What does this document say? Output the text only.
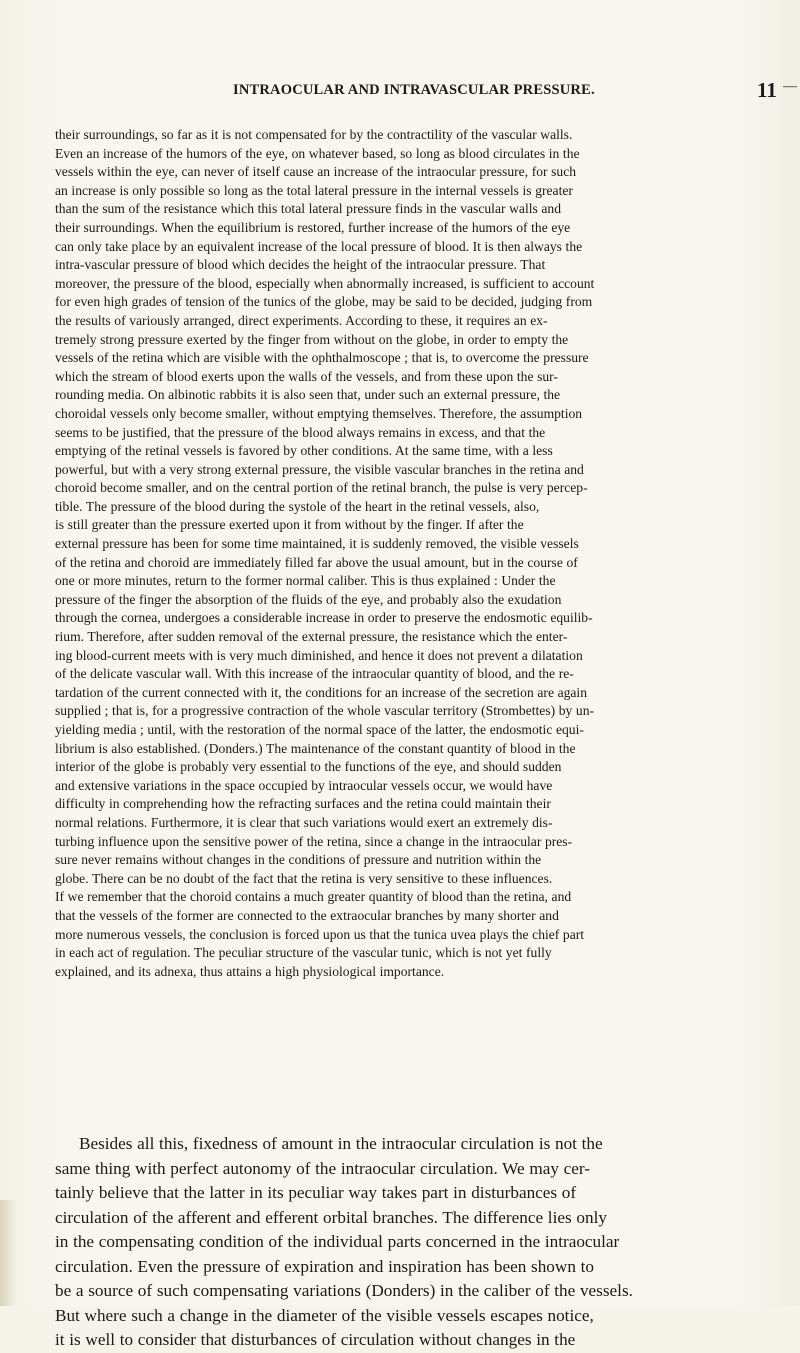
INTRAOCULAR AND INTRAVASCULAR PRESSURE.	11 —
their surroundings, so far as it is not compensated for by the contractility of the vascular walls.
Even an increase of the humors of the eye, on whatever based, so long as blood circulates in the
vessels within the eye, can never of itself cause an increase of the intraocular pressure, for such
an increase is only possible so long as the total lateral pressure in the internal vessels is greater
than the sum of the resistance which this total lateral pressure finds in the vascular walls and
their surroundings. When the equilibrium is restored, further increase of the humors of the eye
can only take place by an equivalent increase of the local pressure of blood. It is then always the
intra-vascular pressure of blood which decides the height of the intraocular pressure. That
moreover, the pressure of the blood, especially when abnormally increased, is sufficient to account
for even high grades of tension of the tunics of the globe, may be said to be decided, judging from
the results of variously arranged, direct experiments. According to these, it requires an ex-
tremely strong pressure exerted by the finger from without on the globe, in order to empty the
vessels of the retina which are visible with the ophthalmoscope ; that is, to overcome the pressure
which the stream of blood exerts upon the walls of the vessels, and from these upon the sur-
rounding media. On albinotic rabbits it is also seen that, under such an external pressure, the
choroidal vessels only become smaller, without emptying themselves. Therefore, the assumption
seems to be justified, that the pressure of the blood always remains in excess, and that the
emptying of the retinal vessels is favored by other conditions. At the same time, with a less
powerful, but with a very strong external pressure, the visible vascular branches in the retina and
choroid become smaller, and on the central portion of the retinal branch, the pulse is very percep-
tible. The pressure of the blood during the systole of the heart in the retinal vessels, also,
is still greater than the pressure exerted upon it from without by the finger. If after the
external pressure has been for some time maintained, it is suddenly removed, the visible vessels
of the retina and choroid are immediately filled far above the usual amount, but in the course of
one or more minutes, return to the former normal caliber. This is thus explained : Under the
pressure of the finger the absorption of the fluids of the eye, and probably also the exudation
through the cornea, undergoes a considerable increase in order to preserve the endosmotic equilib-
rium. Therefore, after sudden removal of the external pressure, the resistance which the enter-
ing blood-current meets with is very much diminished, and hence it does not prevent a dilatation
of the delicate vascular wall. With this increase of the intraocular quantity of blood, and the re-
tardation of the current connected with it, the conditions for an increase of the secretion are again
supplied ; that is, for a progressive contraction of the whole vascular territory (Strombettes) by un-
yielding media ; until, with the restoration of the normal space of the latter, the endosmotic equi-
librium is also established. (Donders.) The maintenance of the constant quantity of blood in the
interior of the globe is probably very essential to the functions of the eye, and should sudden
and extensive variations in the space occupied by intraocular vessels occur, we would have
difficulty in comprehending how the refracting surfaces and the retina could maintain their
normal relations. Furthermore, it is clear that such variations would exert an extremely dis-
turbing influence upon the sensitive power of the retina, since a change in the intraocular pres-
sure never remains without changes in the conditions of pressure and nutrition within the
globe. There can be no doubt of the fact that the retina is very sensitive to these influences.
If we remember that the choroid contains a much greater quantity of blood than the retina, and
that the vessels of the former are connected to the extraocular branches by many shorter and
more numerous vessels, the conclusion is forced upon us that the tunica uvea plays the chief part
in each act of regulation. The peculiar structure of the vascular tunic, which is not yet fully
explained, and its adnexa, thus attains a high physiological importance.
Besides all this, fixedness of amount in the intraocular circulation is not the
same thing with perfect autonomy of the intraocular circulation. We may cer-
tainly believe that the latter in its peculiar way takes part in disturbances of
circulation of the afferent and efferent orbital branches. The difference lies only
in the compensating condition of the individual parts concerned in the intraocular
circulation. Even the pressure of expiration and inspiration has been shown to
be a source of such compensating variations (Donders) in the caliber of the vessels.
But where such a change in the diameter of the visible vessels escapes notice,
it is well to consider that disturbances of circulation without changes in the
